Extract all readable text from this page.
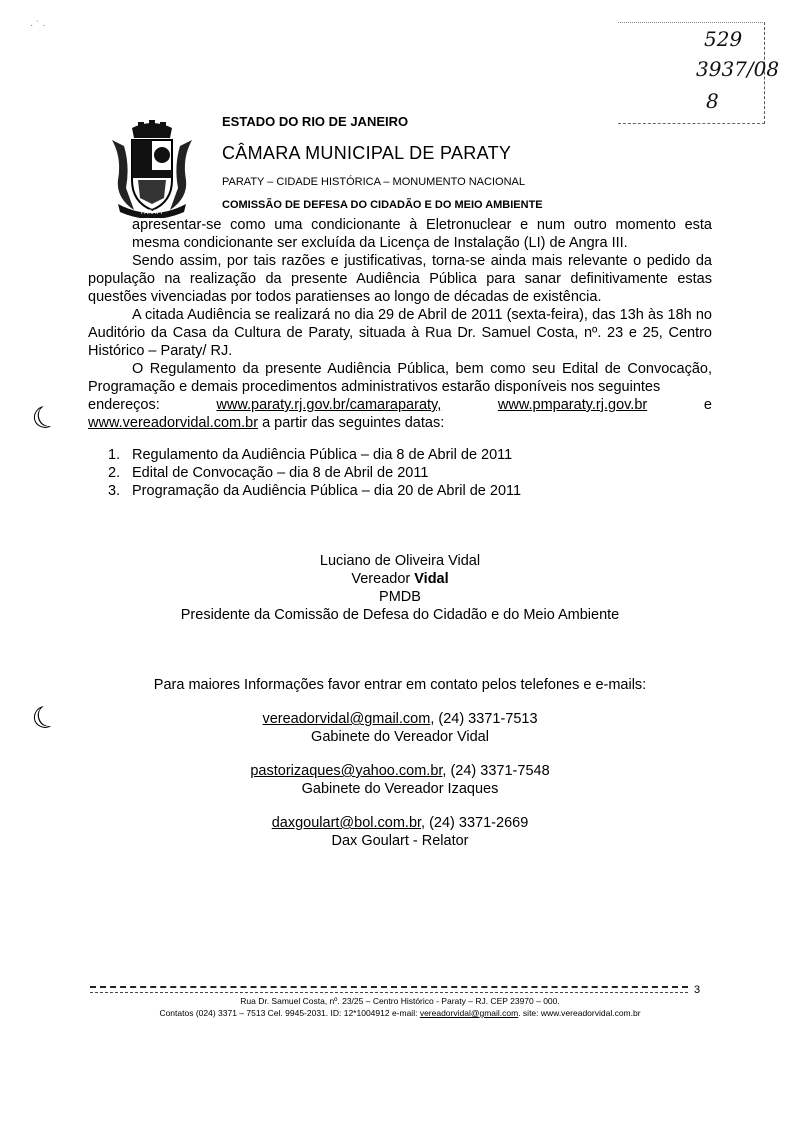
· ˙ ·
529
3937/08
8
PARATY
ESTADO DO RIO DE JANEIRO
CÂMARA MUNICIPAL DE PARATY
PARATY – CIDADE HISTÓRICA – MONUMENTO NACIONAL
COMISSÃO DE DEFESA DO CIDADÃO E DO MEIO AMBIENTE

apresentar-se como uma condicionante à Eletronuclear e num outro momento esta mesma condicionante ser excluída da Licença de Instalação (LI) de Angra III.

Sendo assim, por tais razões e justificativas, torna-se ainda mais relevante o pedido da população na realização da presente Audiência Pública para sanar definitivamente estas questões vivenciadas por todos paratienses ao longo de décadas de existência.

A citada Audiência se realizará no dia 29 de Abril de 2011 (sexta-feira), das 13h às 18h no Auditório da Casa da Cultura de Paraty, situada à Rua Dr. Samuel Costa, nº. 23 e 25, Centro Histórico – Paraty/ RJ.

O Regulamento da presente Audiência Pública, bem como seu Edital de Convocação, Programação e demais procedimentos administrativos estarão disponíveis nos seguintes

endereços:	www.paraty.rj.gov.br/camaraparaty,	www.pmparaty.rj.gov.br	e
www.vereadorvidal.com.br a partir das seguintes datas:
☾
1. Regulamento da Audiência Pública – dia 8 de Abril de 2011
2. Edital de Convocação – dia 8 de Abril de 2011
3. Programação da Audiência Pública – dia 20 de Abril de 2011
Luciano de Oliveira Vidal
Vereador Vidal
PMDB
Presidente da Comissão de Defesa do Cidadão e do Meio Ambiente
Para maiores Informações favor entrar em contato pelos telefones e e-mails:
☾	vereadorvidal@gmail.com, (24) 3371-7513
Gabinete do Vereador Vidal
pastorizaques@yahoo.com.br, (24) 3371-7548
Gabinete do Vereador Izaques
daxgoulart@bol.com.br, (24) 3371-2669
Dax Goulart - Relator
3
Rua Dr. Samuel Costa, nº. 23/25 – Centro Histórico - Paraty – RJ. CEP 23970 – 000.
Contatos (024) 3371 – 7513 Cel. 9945-2031. ID: 12*1004912 e-mail: vereadorvidal@gmail.com. site: www.vereadorvidal.com.br
